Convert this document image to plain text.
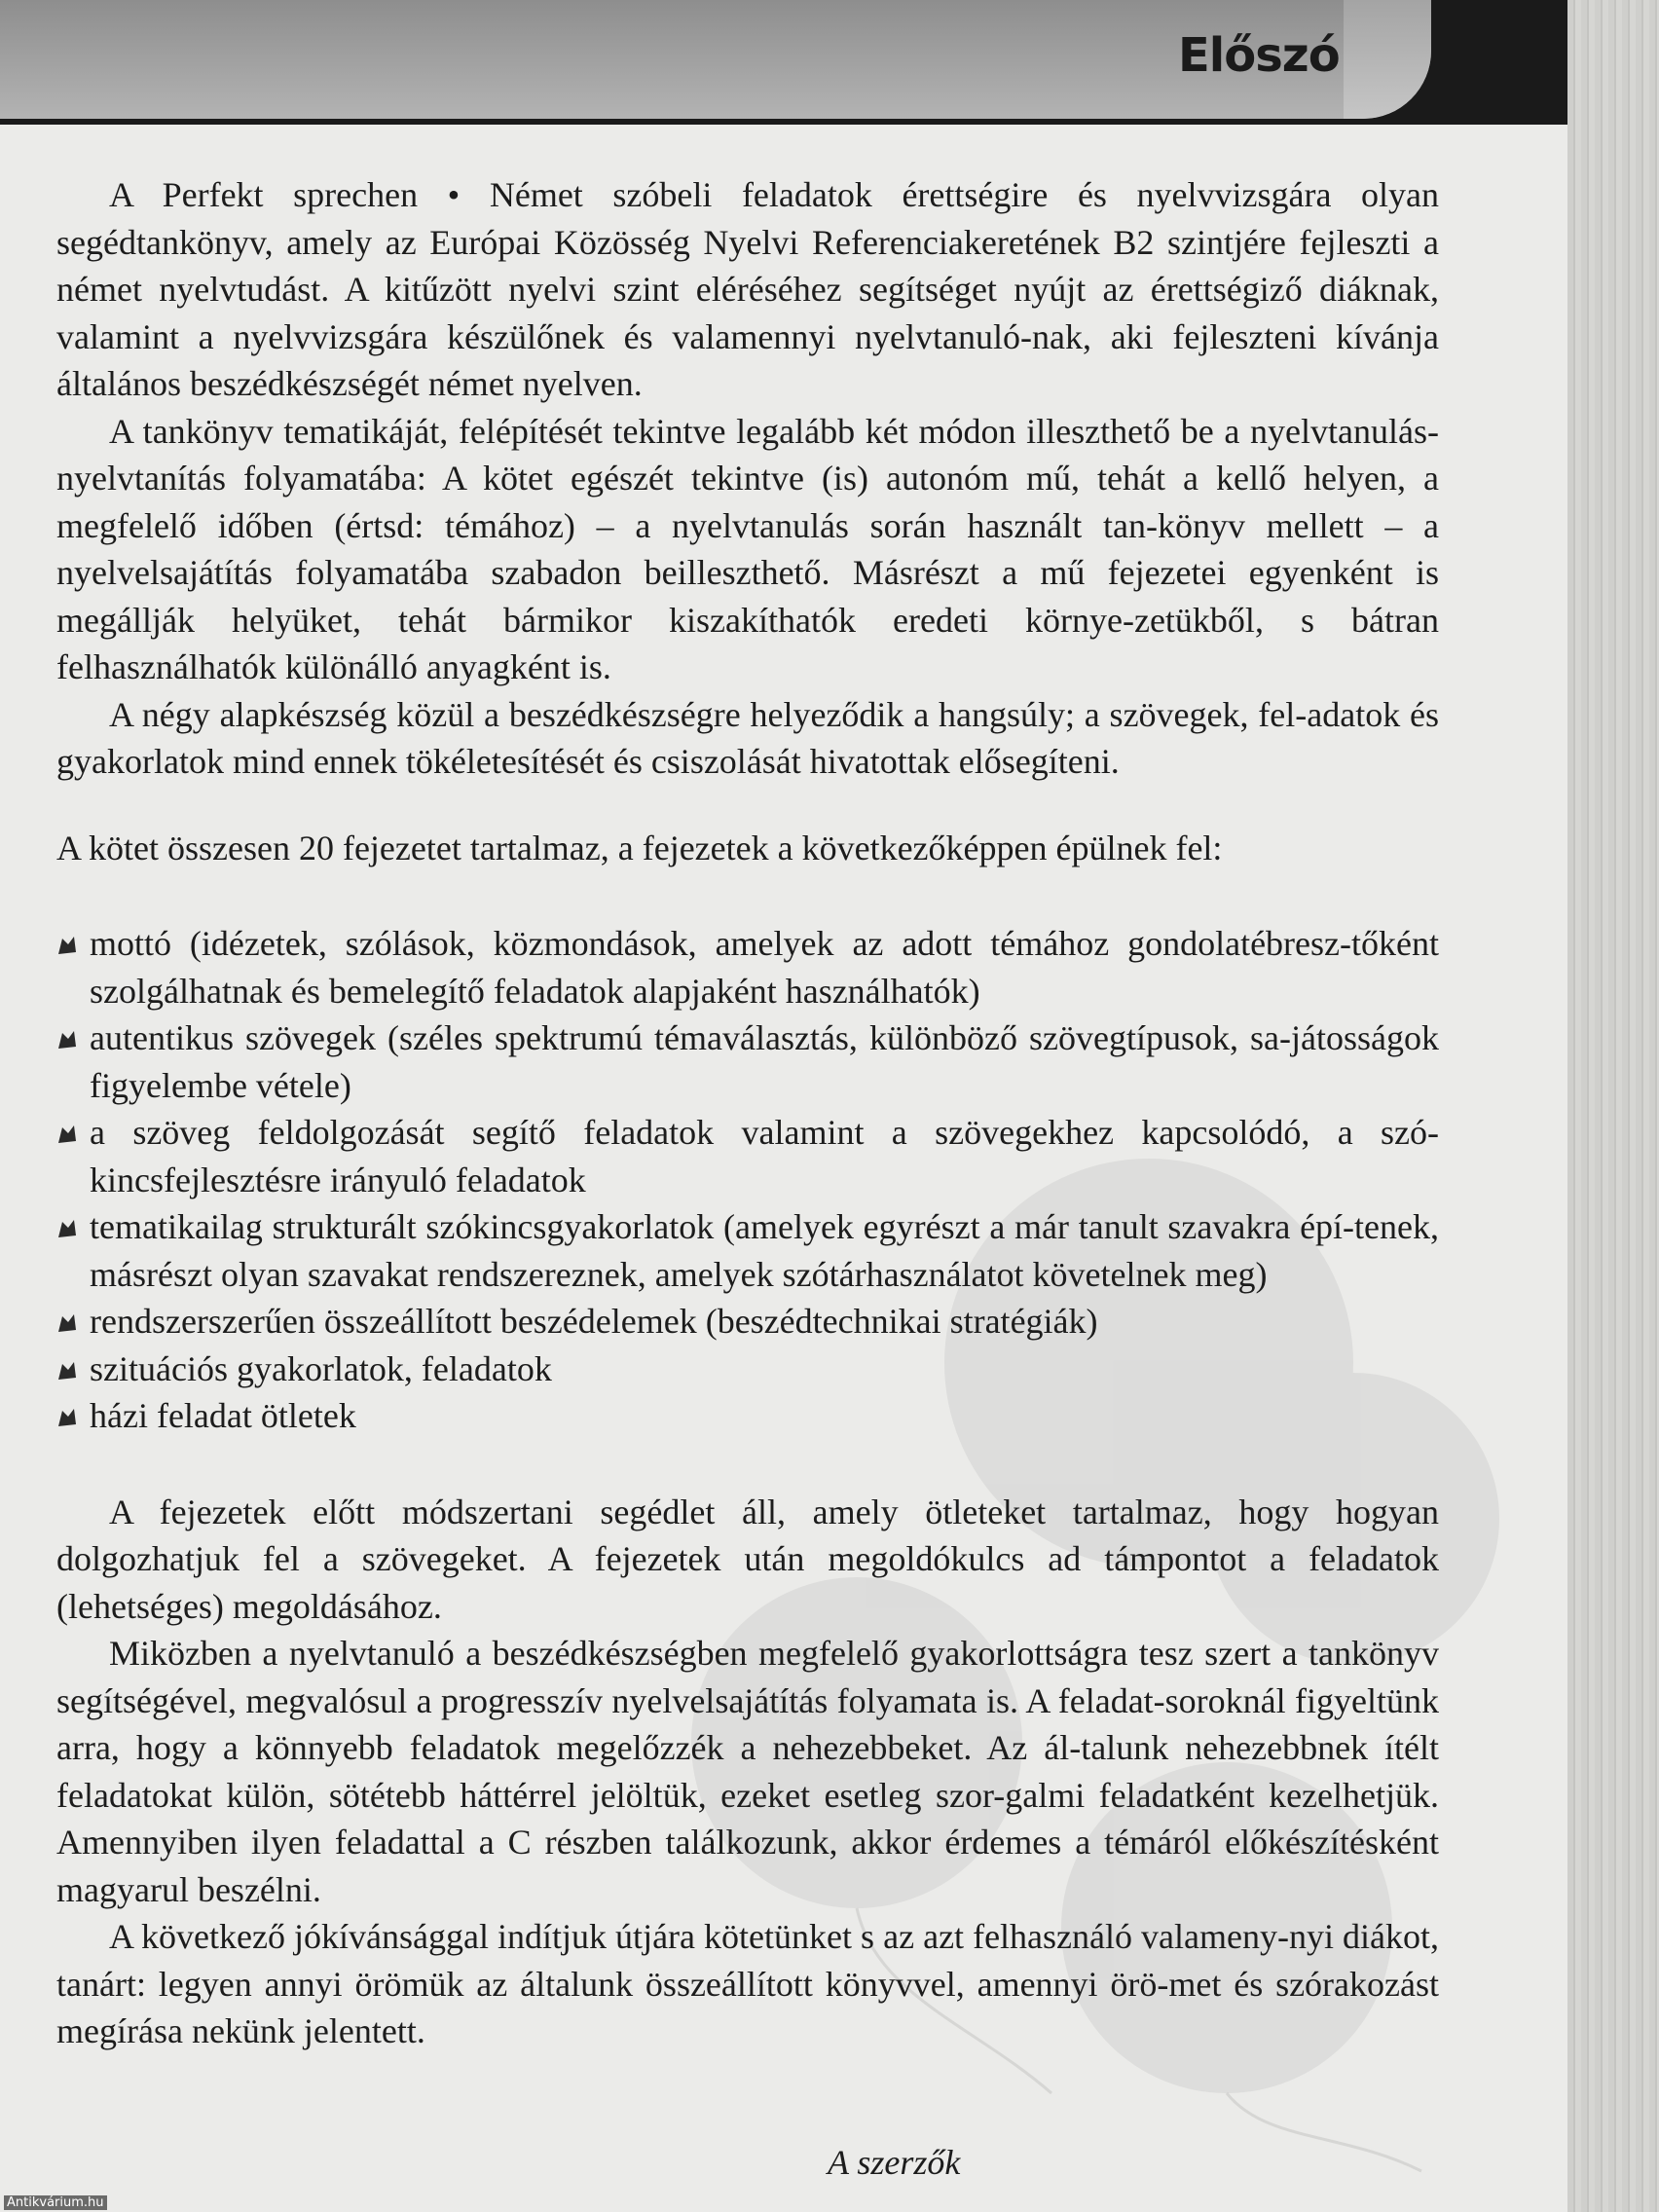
Előszó

A Perfekt sprechen • Német szóbeli feladatok érettségire és nyelvvizsgára olyan segédtankönyv, amely az Európai Közösség Nyelvi Referenciakeretének B2 szintjére fejleszti a német nyelvtudást. A kitűzött nyelvi szint eléréséhez segítséget nyújt az érettségiző diáknak, valamint a nyelvvizsgára készülőnek és valamennyi nyelvtanuló-nak, aki fejleszteni kívánja általános beszédkészségét német nyelven.

A tankönyv tematikáját, felépítését tekintve legalább két módon illeszthető be a nyelvtanulás-nyelvtanítás folyamatába: A kötet egészét tekintve (is) autonóm mű, tehát a kellő helyen, a megfelelő időben (értsd: témához) – a nyelvtanulás során használt tan-könyv mellett – a nyelvelsajátítás folyamatába szabadon beilleszthető. Másrészt a mű fejezetei egyenként is megállják helyüket, tehát bármikor kiszakíthatók eredeti környe-zetükből, s bátran felhasználhatók különálló anyagként is.

A négy alapkészség közül a beszédkészségre helyeződik a hangsúly; a szövegek, fel-adatok és gyakorlatok mind ennek tökéletesítését és csiszolását hivatottak elősegíteni.

A kötet összesen 20 fejezetet tartalmaz, a fejezetek a következőképpen épülnek fel:

mottó (idézetek, szólások, közmondások, amelyek az adott témához gondolatébresz-tőként szolgálhatnak és bemelegítő feladatok alapjaként használhatók)
autentikus szövegek (széles spektrumú témaválasztás, különböző szövegtípusok, sa-játosságok figyelembe vétele)
a szöveg feldolgozását segítő feladatok valamint a szövegekhez kapcsolódó, a szó-kincsfejlesztésre irányuló feladatok
tematikailag strukturált szókincsgyakorlatok (amelyek egyrészt a már tanult szavakra épí-tenek, másrészt olyan szavakat rendszereznek, amelyek szótárhasználatot követelnek meg)
rendszerszerűen összeállított beszédelemek (beszédtechnikai stratégiák)
szituációs gyakorlatok, feladatok
házi feladat ötletek

A fejezetek előtt módszertani segédlet áll, amely ötleteket tartalmaz, hogy hogyan dolgozhatjuk fel a szövegeket. A fejezetek után megoldókulcs ad támpontot a feladatok (lehetséges) megoldásához.

Miközben a nyelvtanuló a beszédkészségben megfelelő gyakorlottságra tesz szert a tankönyv segítségével, megvalósul a progresszív nyelvelsajátítás folyamata is. A feladat-soroknál figyeltünk arra, hogy a könnyebb feladatok megelőzzék a nehezebbeket. Az ál-talunk nehezebbnek ítélt feladatokat külön, sötétebb háttérrel jelöltük, ezeket esetleg szor-galmi feladatként kezelhetjük. Amennyiben ilyen feladattal a C részben találkozunk, akkor érdemes a témáról előkészítésként magyarul beszélni.

A következő jókívánsággal indítjuk útjára kötetünket s az azt felhasználó valameny-nyi diákot, tanárt: legyen annyi örömük az általunk összeállított könyvvel, amennyi örö-met és szórakozást megírása nekünk jelentett.

A szerzők
Antikvárium.hu
